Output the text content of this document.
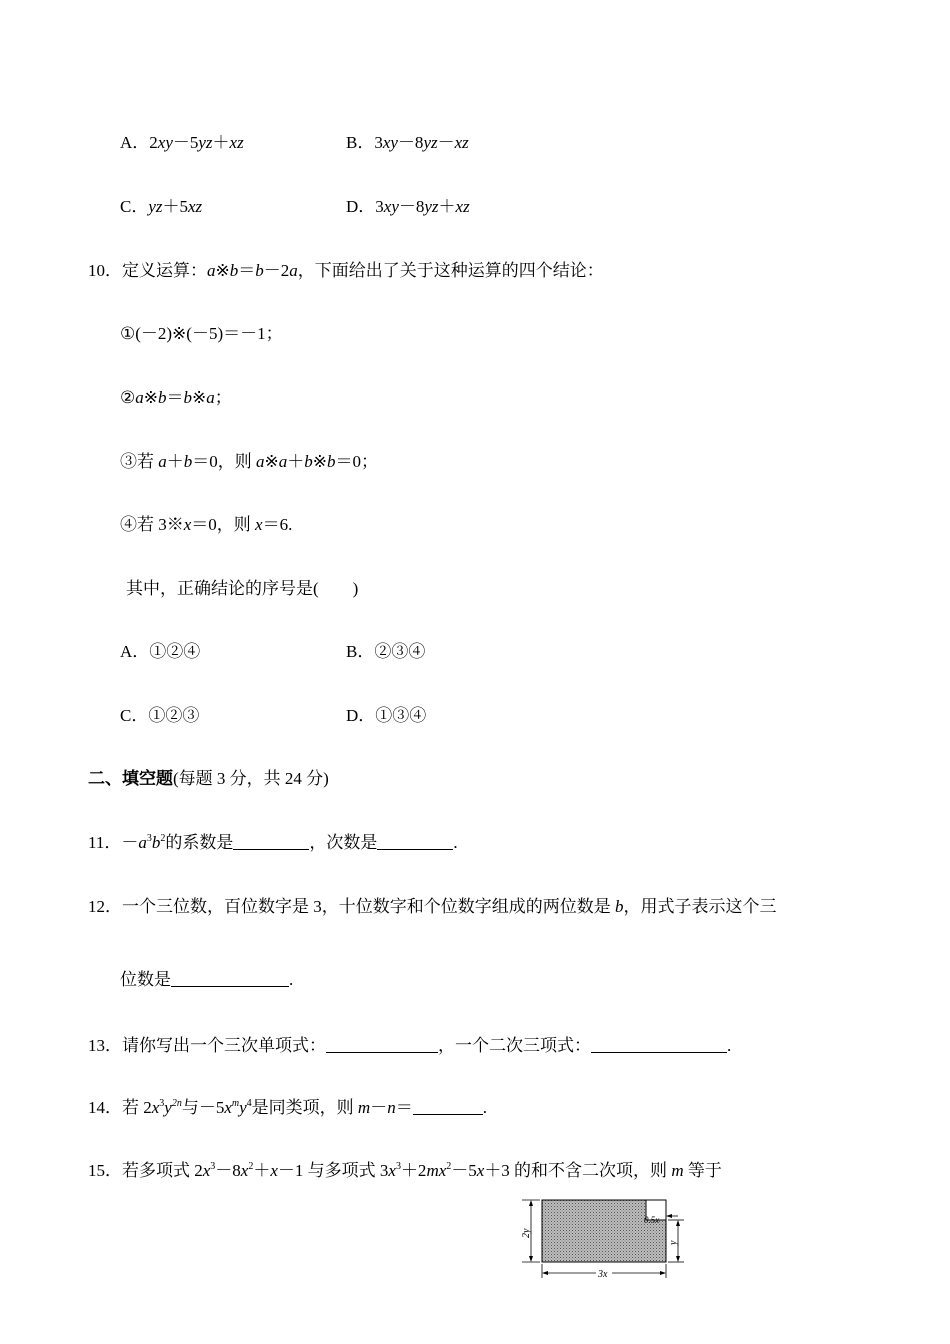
A．2xy－5yz＋xz	B．3xy－8yz－xz
C．yz＋5xz	D．3xy－8yz＋xz
10．定义运算：a※b＝b－2a，下面给出了关于这种运算的四个结论：
①(－2)※(－5)＝－1；
②a※b＝b※a；
③若 a＋b＝0，则 a※a＋b※b＝0；
④若 3※x＝0，则 x＝6.
其中，正确结论的序号是( )
A．①②④	B．②③④
C．①②③	D．①③④
二、填空题(每题 3 分，共 24 分)
11．$-a^3b^2$的系数是	，次数是	.
12．一个三位数，百位数字是 3，十位数字和个位数字组成的两位数是 b，用式子表示这个三
位数是	.
13．请你写出一个三次单项式：	，一个二次三项式：	.
14．若 $2x^3y^{2n}$与$-5x^my^4$是同类项，则 m－n＝	.
15．若多项式 $2x^3-8x^2+x-1$ 与多项式 $3x^3+2mx^2-5x+3$ 的和不含二次项，则 m 等于
2y
0.5x
y
3x
